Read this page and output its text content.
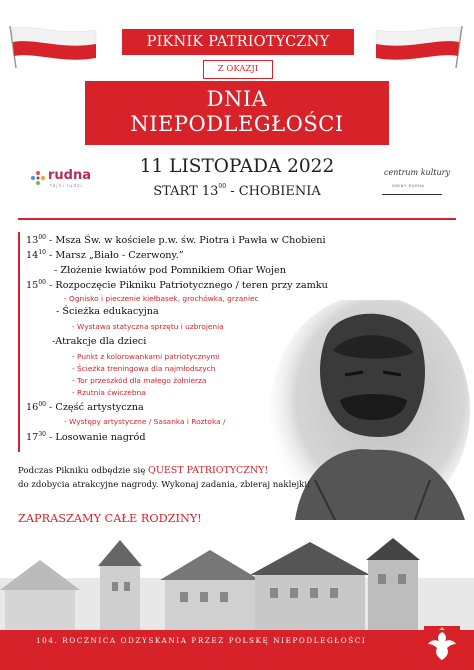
PIKNIK PATRIOTYCZNY
Z OKAZJI
DNIA
NIEPODLEGŁOŚCI
rudna
fajni ludzi
11 LISTOPADA 2022
START $13^{00}$ - CHOBIENIA
centrum kultury
GMINY RUDNA
$13^{00}$ - Msza Św. w kościele p.w. św. Piotra i Pawła w Chobieni
$14^{10}$ - Marsz „Biało - Czerwony.”
- Złożenie kwiatów pod Pomnikiem Ofiar Wojen
$15^{00}$ - Rozpoczęcie Pikniku Patriotycznego / teren przy zamku
- Ognisko i pieczenie kiełbasek, grochówka, grzaniec
- Ścieżka edukacyjna
- Wystawa statyczna sprzętu i uzbrojenia
-Atrakcje dla dzieci
- Punkt z kolorowankami patriotycznymi
- Ścieżka treningowa dla najmłodszych
- Tor przeszkód dla małego żołnierza
- Rzutnia ćwiczebna
$16^{00}$ - Część artystyczna
- Występy artystyczne / Sasanka i Roztoka /
$17^{30}$ - Losowanie nagród
Podczas Pikniku odbędzie się QUEST PATRIOTYCZNY!
do zdobycia atrakcyjne nagrody. Wykonaj zadania, zbieraj naklejki!
ZAPRASZAMY CAŁE RODZINY!
104. ROCZNICA ODZYSKANIA PRZEZ POLSKĘ NIEPODLEGŁOŚCI
